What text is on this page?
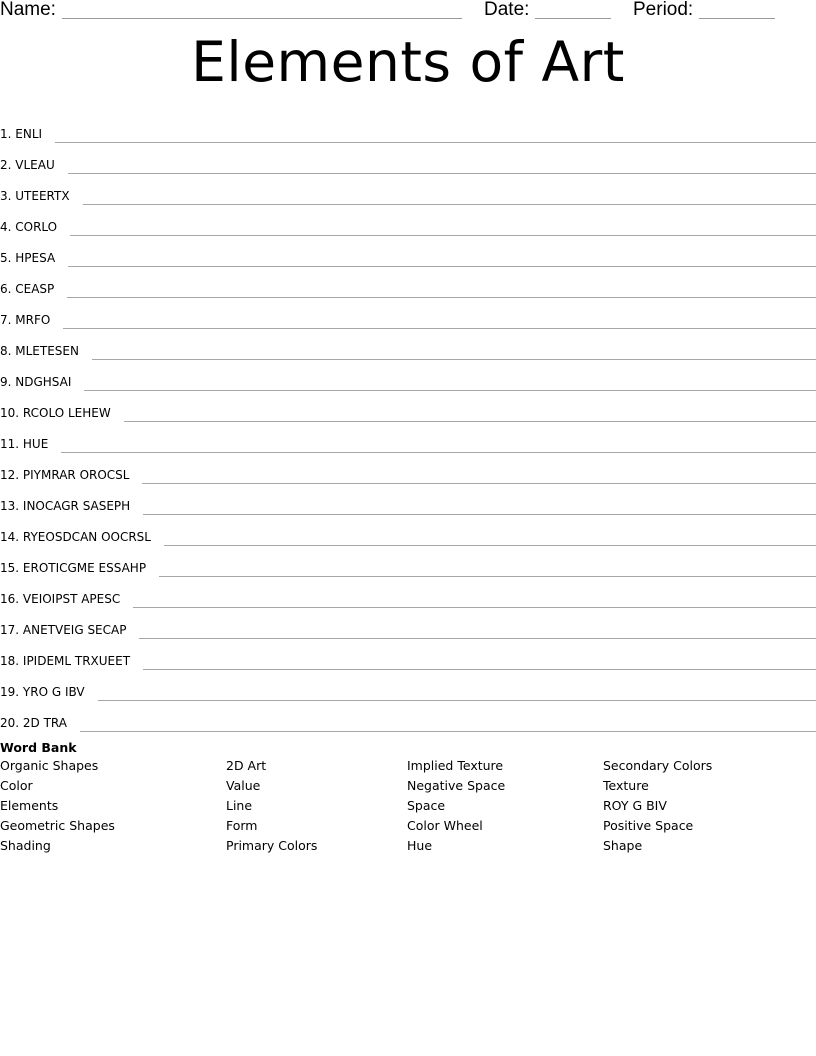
Name:	Date:	Period:
Elements of Art
1. ENLI
2. VLEAU
3. UTEERTX
4. CORLO
5. HPESA
6. CEASP
7. MRFO
8. MLETESEN
9. NDGHSAI
10. RCOLO LEHEW
11. HUE
12. PIYMRAR OROCSL
13. INOCAGR SASEPH
14. RYEOSDCAN OOCRSL
15. EROTICGME ESSAHP
16. VEIOIPST APESC
17. ANETVEIG SECAP
18. IPIDEML TRXUEET
19. YRO G IBV
20. 2D TRA
Word Bank
Organic Shapes
Color
Elements
Geometric Shapes
Shading
2D Art
Value
Line
Form
Primary Colors
Implied Texture
Negative Space
Space
Color Wheel
Hue
Secondary Colors
Texture
ROY G BIV
Positive Space
Shape
